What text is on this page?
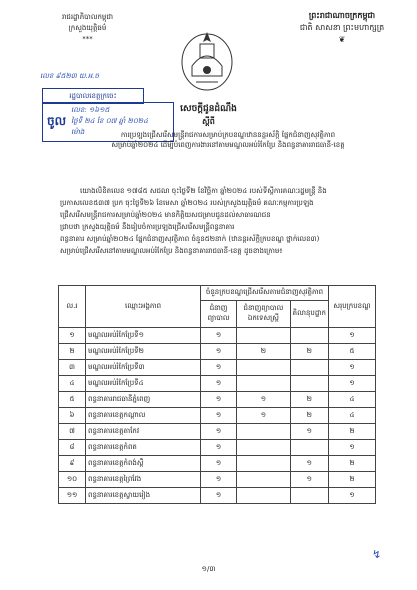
រាជរដ្ឋាភិបាលកម្ពុជា
ក្រសួងយុត្តិធម៌
***
ព្រះរាជាណាចក្រកម្ពុជា
ជាតិ សាសនា ព្រះមហាក្សត្រ
❦
លេខ ៩៥២៣ យ.អ.ច
រដ្ឋបាលខេត្តក្រចេះ
ចូល
លេខ: ១៦១៥
ថ្ងៃទី ២៤ ខែ ០៧ ឆ្នាំ ២០២៤
ម៉ោង
សេចក្តីជូនដំណឹង
ស្តីពី
ការប្រឡងជ្រើសរើសមន្ត្រីរាជការសម្រាប់ក្របខណ្ឌ​ឋាននន្តរស័ក្តិ ផ្នែកជំនាញសុវត្ថិភាព
សម្រាប់ឆ្នាំ២០២៤ ដើម្បីបំពេញការងារនៅតាមមណ្ឌលអប់រំកែប្រែ និងពន្ធនាគាររាជធានី-ខេត្ត
យោងលិខិតលេខ ១៧៨៥ សជណ ចុះថ្ងៃទី២ ខែវិច្ឆិកា ឆ្នាំ២០២៤ របស់ទីស្តីការគណៈរដ្ឋមន្ត្រី និង
ប្រកាសលេខ៥៣៧ ប្រក ចុះថ្ងៃទី២៦ ខែមេសា ឆ្នាំ២០២៤ របស់ក្រសួងយុត្តិធម៌ គណៈកម្មការប្រឡង
ជ្រើសរើសមន្ត្រីរាជការសម្រាប់ឆ្នាំ២០២៤ មានកិត្តិយសជម្រាបជូនដល់សាធារណជន
ជ្រាបថា ក្រសួងយុត្តិធម៌ នឹងរៀបចំការប្រឡងជ្រើសរើសមន្ត្រីពន្ធនាគារ
ពន្ធនាគារ សម្រាប់ឆ្នាំ២០២៤ ផ្នែកជំនាញសុវត្ថិភាព ចំនួន៥២នាក់ (ឋានន្តរស័ក្តិក្របខណ្ឌ ថ្នាក់លេខ៣)
សម្រាប់ជ្រើសរើសនៅតាមមណ្ឌលអប់រំកែប្រែ និងពន្ធនាគាររាជធានី-ខេត្ត ដូចខាងក្រោម៖
ល.រ	ឈ្មោះអង្គភាព	ចំនួនក្របខណ្ឌជ្រើសរើសតាមជំនាញសុវត្ថិភាព			សរុបក្របខណ្ឌ
		ជំនាញព្យាបាល	ជំនាញព្យាបាល ឯកទេសស្ត្រី	គិលានុបដ្ឋាក	
១	មណ្ឌលអប់រំកែប្រែទី១	១			១
២	មណ្ឌលអប់រំកែប្រែទី២	១	២	២	៥
៣	មណ្ឌលអប់រំកែប្រែទី៣	១			១
៤	មណ្ឌលអប់រំកែប្រែទី៤	១			១
៥	ពន្ធនាគាររាជធានីភ្នំពេញ	១	១	២	៤
៦	ពន្ធនាគារខេត្តកណ្តាល	១	១	២	៤
៧	ពន្ធនាគារខេត្តតាកែវ	១		១	២
៨	ពន្ធនាគារខេត្តកំពត	១			១
៩	ពន្ធនាគារខេត្តកំពង់ស្ពឺ	១		១	២
១០	ពន្ធនាគារខេត្តព្រៃវែង	១		១	២
១១	ពន្ធនាគារខេត្តស្វាយរៀង	១			១
↯
១/៣
